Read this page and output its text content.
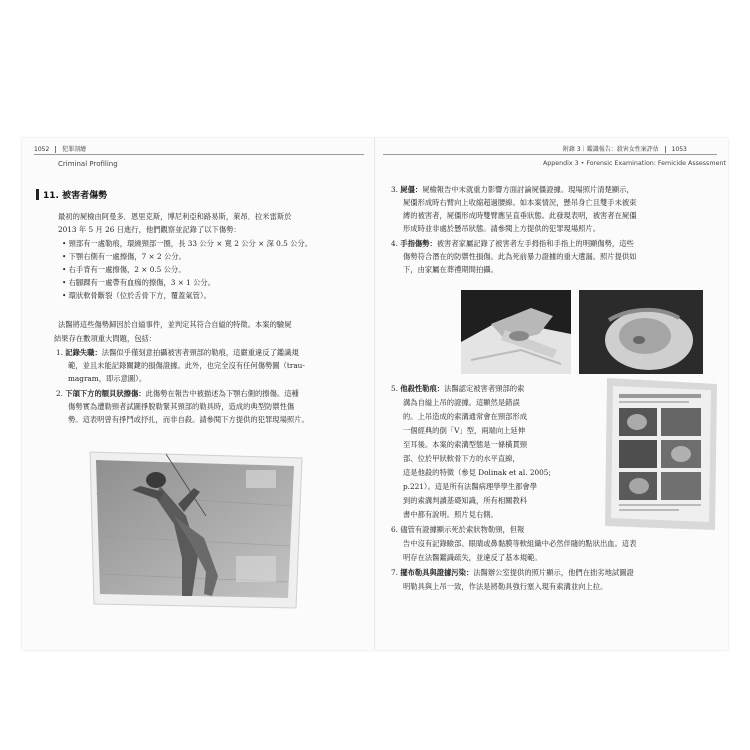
1052 犯罪剖繪
Criminal Profiling
11. 被害者傷勢
最初的屍檢由阿曼多．恩里克斯，博尼利亞和路易斯，萊昂．拉米雷斯於
2013 年 5 月 26 日進行，他們觀察並記錄了以下傷勢：
• 頸部有一處勒痕，環繞頸部一圈，長 33 公分 × 寬 2 公分 × 深 0.5 公分。
• 下顎右側有一處擦傷，7 × 2 公分。
• 右手背有一處擦傷，2 × 0.5 公分。
• 右腳踝有一處帶有血痂的擦傷，3 × 1 公分。
• 環狀軟骨斷裂（位於舌骨下方，覆蓋氣管）。
法醫將這些傷勢歸因於自縊事件，並判定其符合自縊的特徵。本案的驗屍
結果存在數項重大問題，包括：
1. 記錄失職：法醫似乎僅刻意拍攝被害者頸部的勒痕，這嚴重違反了鑑識規
範，並且未能記錄關鍵的損傷證據。此外，也完全沒有任何傷勢圖（trau-
magram，即示意圖）。
2. 下頜下方的額貝狀擦傷：此傷勢在報告中被描述為下顎右側的擦傷。這種
傷勢實為遭勒頸者試圖掙脫勒緊其頸部的勒具時，造成的典型防禦性傷
勢。這表明曾有掙鬥或抒扎，而非自殺。請參閱下方提供的犯罪現場照片。
附錄 3｜鑑識報告：殺害女性案評估 1053
Appendix 3 • Forensic Examination: Femicide Assessment
3. 屍僵：屍檢報告中未就重力影響方面討論屍僵證據。現場照片清楚顯示，
屍僵形成時右臂向上收縮超過腰線。如本案情況，懸吊身亡且雙手未被束
縛的被害者，屍僵形成時雙臂應呈直垂狀態。此發現表明，被害者在屍僵
形成時並非處於懸吊狀態。請參閱上方提供的犯罪現場照片。
4. 手指傷勢：被害者家屬記錄了被害者左手拇指和手指上的明顯傷勢，這些
傷勢符合潛在的防禦性損傷。此為死前暴力證據的重大遺漏。照片提供如
下，由家屬在葬禮期間拍攝。
5. 他殺性勒痕：法醫認定被害者頸部的索
溝為自縊上吊的證據。這顯然是錯誤
的。上吊造成的索溝通常會在頸部形成
一個經典的倒「V」型，兩端向上延伸
至耳後。本案的索溝型態是一條橫貫頸
部、位於甲狀軟骨下方的水平直線，
這是他殺的特徵（參見 Dolinak et al. 2005;
p.221）。這是所有法醫病理學學生都會學
到的索溝判讀基礎知識，所有相關教科
書中都有說明。照片見右側。
6. 儘管有證據顯示死於索狀物勒頸，但報
告中沒有記錄瞼部、眼睛或鼻黏膜等軟組織中必然伴隨的點狀出血。這表
明存在法醫鑑識疏失，並違反了基本規範。
7. 擺布勒具與證據污染：法醫辦公室提供的照片顯示，他們在拙劣地試圖證
明勒具與上吊一致，作法是將勒具強行塞入現有索溝並向上拉。
